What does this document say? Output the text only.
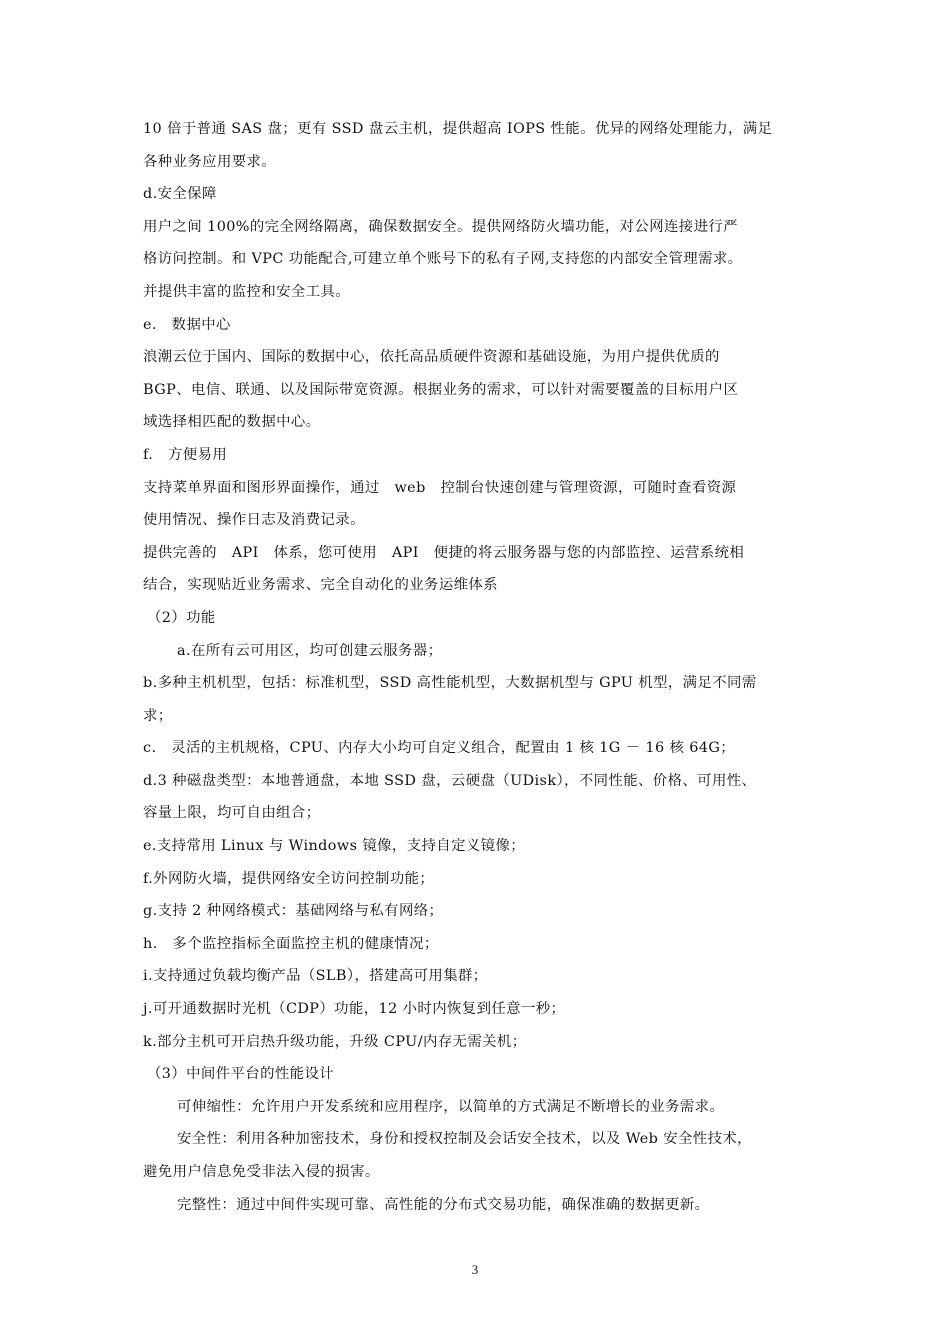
10 倍于普通 SAS 盘；更有 SSD 盘云主机，提供超高 IOPS 性能。优异的网络处理能力，满足

各种业务应用要求。

d.安全保障

用户之间 100%的完全网络隔离，确保数据安全。提供网络防火墙功能，对公网连接进行严

格访问控制。和 VPC 功能配合,可建立单个账号下的私有子网,支持您的内部安全管理需求。

并提供丰富的监控和安全工具。

e.　数据中心

浪潮云位于国内、国际的数据中心，依托高品质硬件资源和基础设施，为用户提供优质的

BGP、电信、联通、以及国际带宽资源。根据业务的需求，可以针对需要覆盖的目标用户区

域选择相匹配的数据中心。

f.　方便易用

支持菜单界面和图形界面操作，通过　web　控制台快速创建与管理资源，可随时查看资源

使用情况、操作日志及消费记录。

提供完善的　API　体系，您可使用　API　便捷的将云服务器与您的内部监控、运营系统相

结合，实现贴近业务需求、完全自动化的业务运维体系

（2）功能

a.在所有云可用区，均可创建云服务器；

b.多种主机机型，包括：标准机型，SSD 高性能机型，大数据机型与 GPU 机型，满足不同需

求；

c.　灵活的主机规格，CPU、内存大小均可自定义组合，配置由 1 核 1G － 16 核 64G；

d.3 种磁盘类型：本地普通盘，本地 SSD 盘，云硬盘（UDisk），不同性能、价格、可用性、

容量上限，均可自由组合；

e.支持常用 Linux 与 Windows 镜像，支持自定义镜像；

f.外网防火墙，提供网络安全访问控制功能；

g.支持 2 种网络模式：基础网络与私有网络；

h.　多个监控指标全面监控主机的健康情况；

i.支持通过负载均衡产品（SLB），搭建高可用集群；

j.可开通数据时光机（CDP）功能，12 小时内恢复到任意一秒；

k.部分主机可开启热升级功能，升级 CPU/内存无需关机；

（3）中间件平台的性能设计

可伸缩性：允许用户开发系统和应用程序，以简单的方式满足不断增长的业务需求。

安全性：利用各种加密技术，身份和授权控制及会话安全技术，以及 Web 安全性技术，

避免用户信息免受非法入侵的损害。

完整性：通过中间件实现可靠、高性能的分布式交易功能，确保准确的数据更新。

3
